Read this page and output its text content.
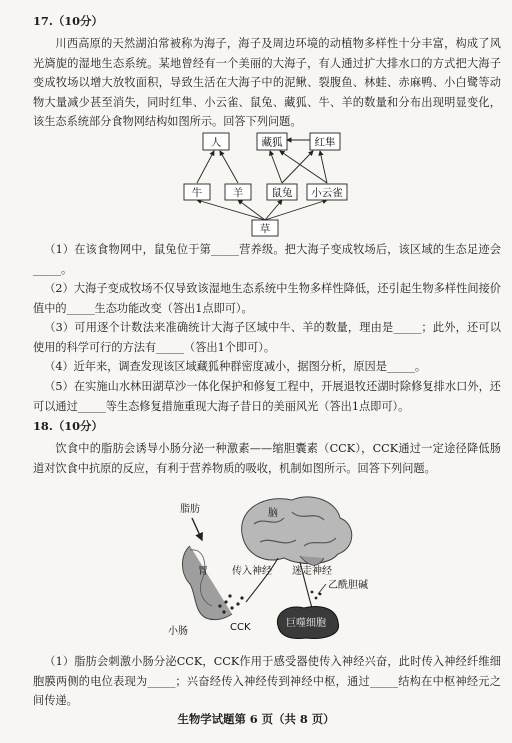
17.（10分）

川西高原的天然湖泊常被称为海子，海子及周边环境的动植物多样性十分丰富，构成了风光旖旎的湿地生态系统。某地曾经有一个美丽的大海子，有人通过扩大排水口的方式把大海子变成牧场以增大放牧面积，导致生活在大海子中的泥鳅、裂腹鱼、林蛙、赤麻鸭、小白鹭等动物大量减少甚至消失，同时红隼、小云雀、鼠兔、藏狐、牛、羊的数量和分布出现明显变化，该生态系统部分食物网结构如图所示。回答下列问题。

人	藏狐	红隼
牛	羊	鼠兔 小云雀
草

（1）在该食物网中，鼠兔位于第_____营养级。把大海子变成牧场后，该区域的生态足迹会_____。

（2）大海子变成牧场不仅导致该湿地生态系统中生物多样性降低，还引起生物多样性间接价值中的_____生态功能改变（答出1点即可）。

（3）可用逐个计数法来准确统计大海子区域中牛、羊的数量，理由是_____；此外，还可以使用的科学可行的方法有_____（答出1个即可）。

（4）近年来，调查发现该区域藏狐种群密度减小，据图分析，原因是_____。

（5）在实施山水林田湖草沙一体化保护和修复工程中，开展退牧还湖时除修复排水口外，还可以通过_____等生态修复措施重现大海子昔日的美丽风光（答出1点即可）。

18.（10分）

饮食中的脂肪会诱导小肠分泌一种激素——缩胆囊素（CCK），CCK通过一定途径降低肠道对饮食中抗原的反应，有利于营养物质的吸收，机制如图所示。回答下列问题。

脂肪	脑
胃 传入神经 迷走神经
乙酰胆碱
小肠	CCK	巨噬细胞

（1）脂肪会刺激小肠分泌CCK，CCK作用于感受器使传入神经兴奋，此时传入神经纤维细胞膜两侧的电位表现为_____；兴奋经传入神经传到神经中枢，通过_____结构在中枢神经元之间传递。

生物学试题第 6 页（共 8 页）
